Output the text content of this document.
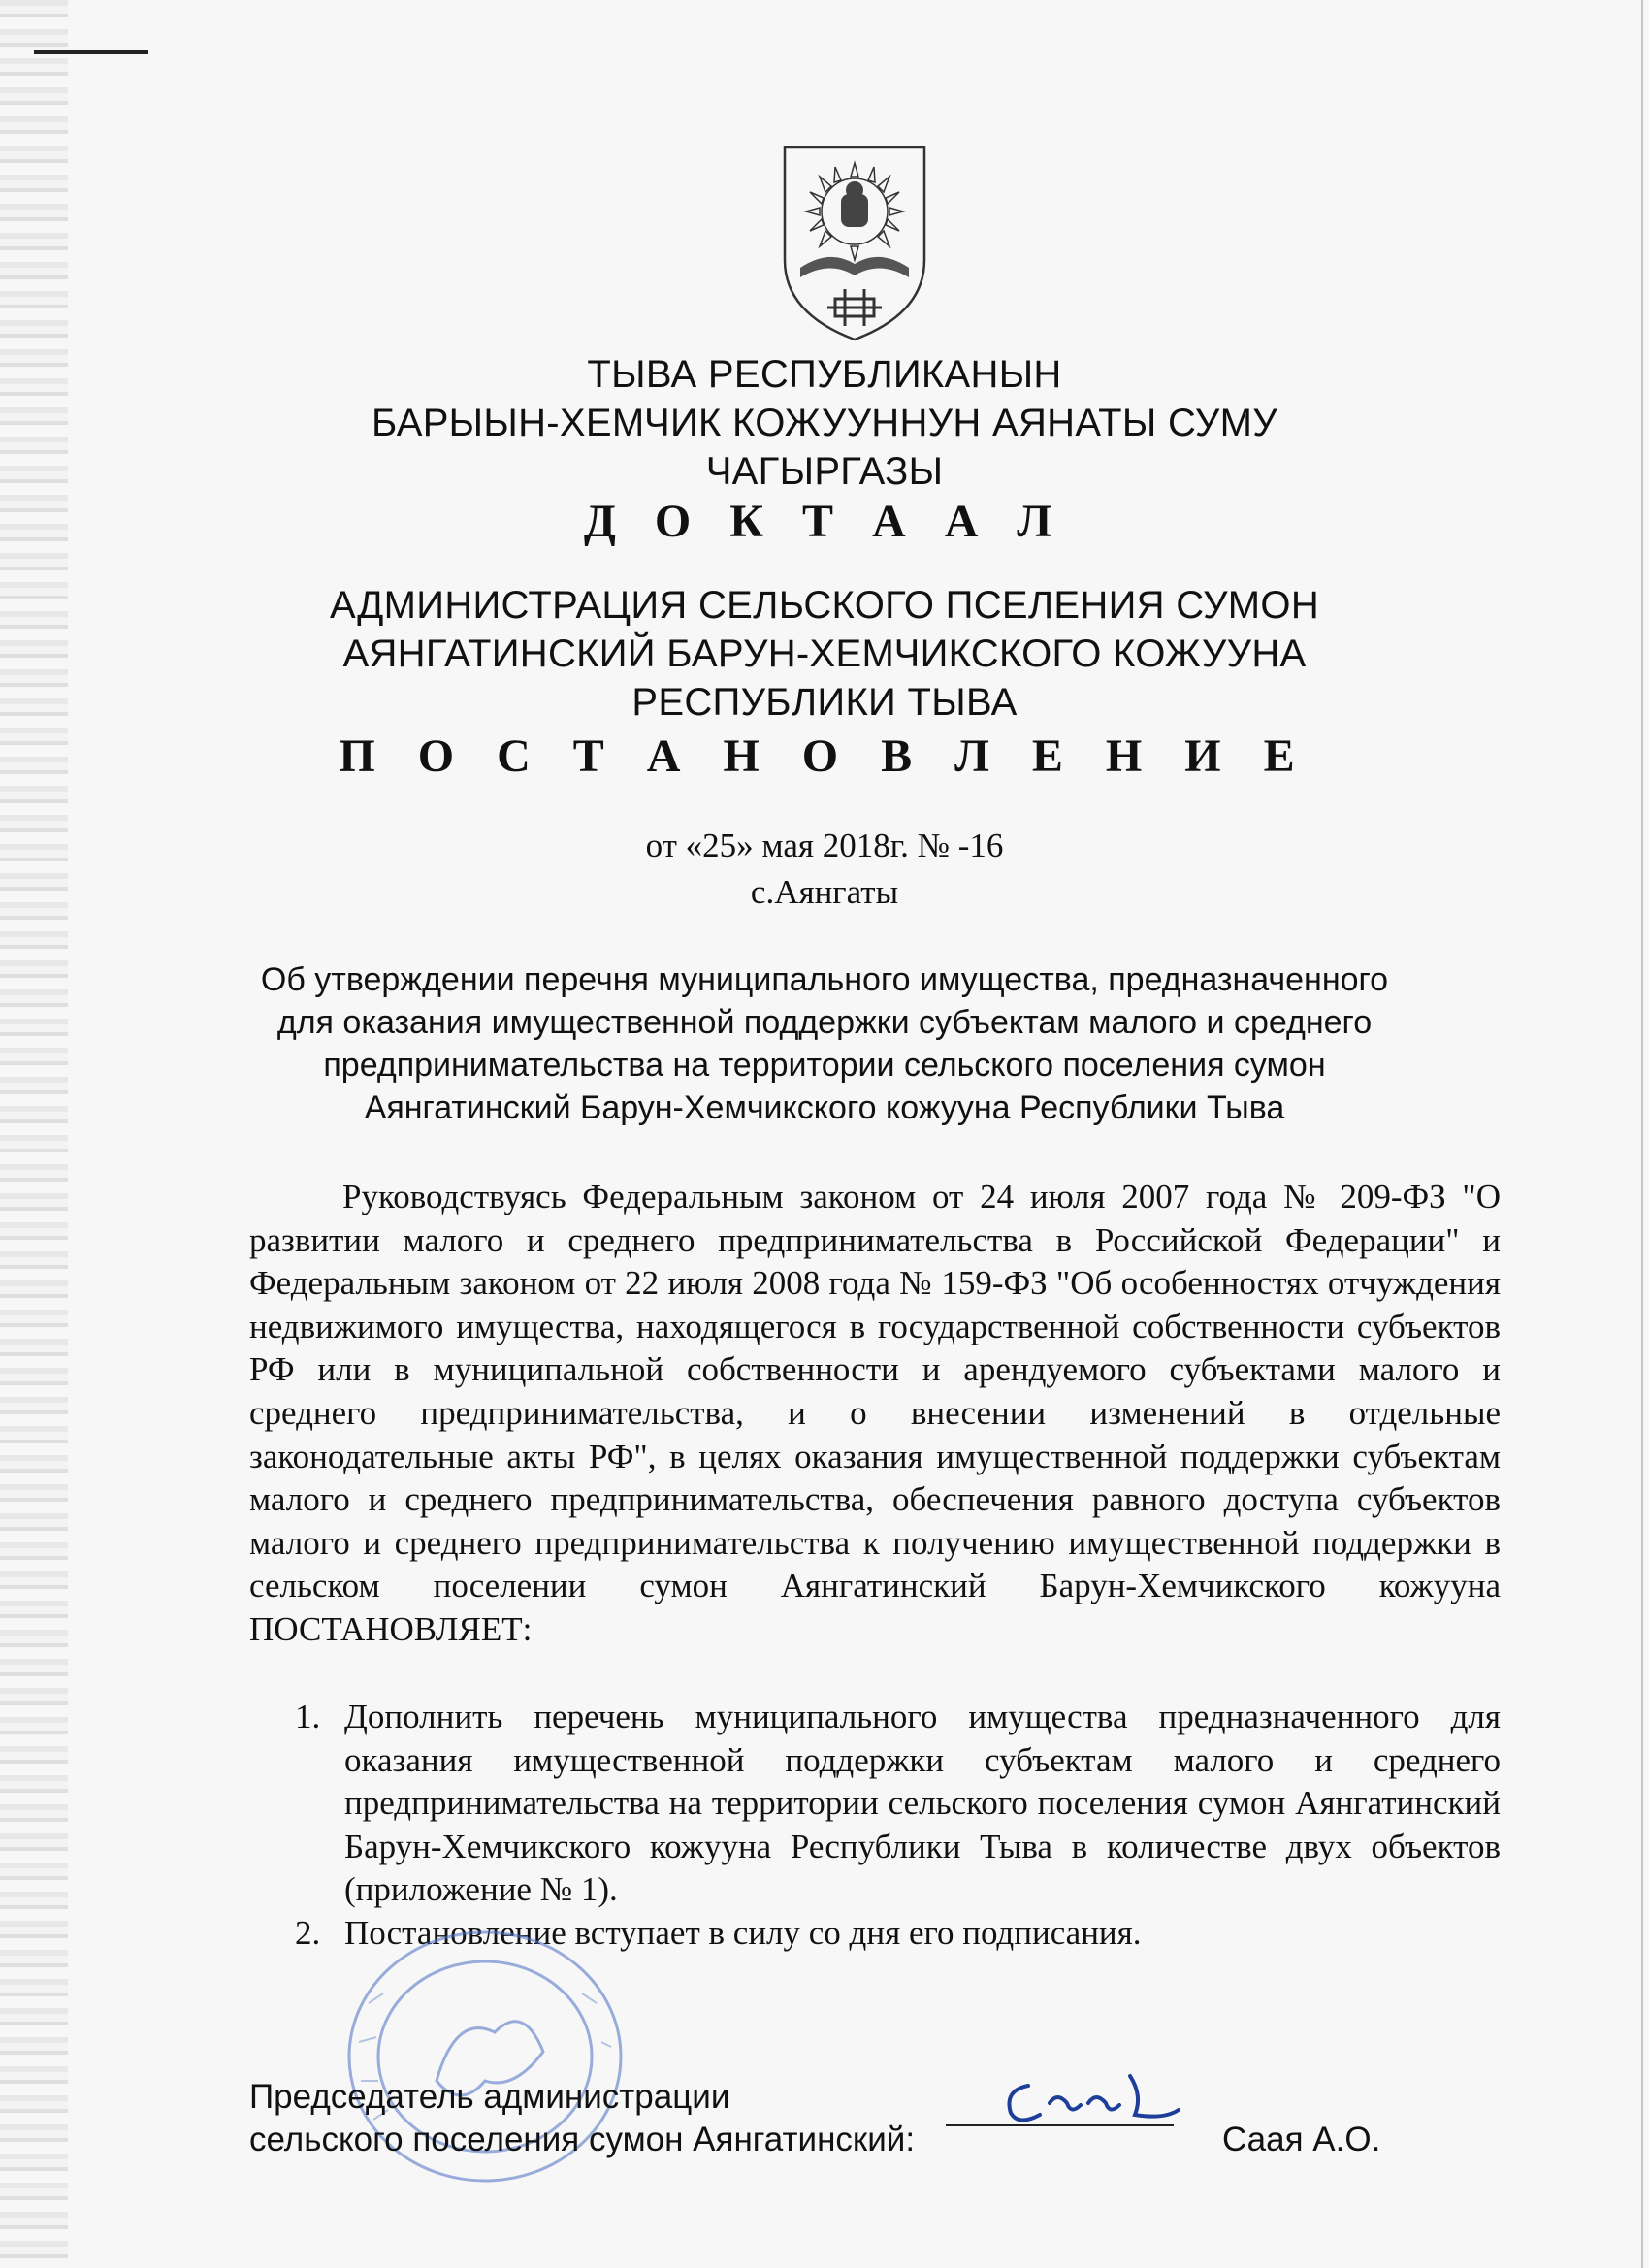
ТЫВА РЕСПУБЛИКАНЫН
БАРЫЫН-ХЕМЧИК КОЖУУННУН АЯНАТЫ СУМУ
ЧАГЫРГАЗЫ
Д О К Т А А Л
АДМИНИСТРАЦИЯ СЕЛЬСКОГО ПСЕЛЕНИЯ СУМОН
АЯНГАТИНСКИЙ БАРУН-ХЕМЧИКСКОГО КОЖУУНА
РЕСПУБЛИКИ ТЫВА
П О С Т А Н О В Л Е Н И Е
от «25» мая 2018г. № -16
с.Аянгаты
Об утверждении перечня муниципального имущества, предназначенного
для оказания имущественной поддержки субъектам малого и среднего
предпринимательства на территории сельского поселения сумон
Аянгатинский Барун-Хемчикского кожууна Республики Тыва

Руководствуясь Федеральным законом от 24 июля 2007 года № 209-ФЗ "О развитии малого и среднего предпринимательства в Российской Федерации" и Федеральным законом от 22 июля 2008 года № 159-ФЗ "Об особенностях отчуждения недвижимого имущества, находящегося в государственной собственности субъектов РФ или в муниципальной собственности и арендуемого субъектами малого и среднего предпринимательства, и о внесении изменений в отдельные законодательные акты РФ", в целях оказания имущественной поддержки субъектам малого и среднего предпринимательства, обеспечения равного доступа субъектов малого и среднего предпринимательства к получению имущественной поддержки в сельском поселении сумон Аянгатинский Барун-Хемчикского кожууна ПОСТАНОВЛЯЕТ:

1. Дополнить перечень муниципального имущества предназначенного для оказания имущественной поддержки субъектам малого и среднего предпринимательства на территории сельского поселения сумон Аянгатинский Барун-Хемчикского кожууна Республики Тыва в количестве двух объектов (приложение № 1).
2. Постановление вступает в силу со дня его подписания.
Председатель администрации
сельского поселения сумон Аянгатинский:	Саая А.О.
